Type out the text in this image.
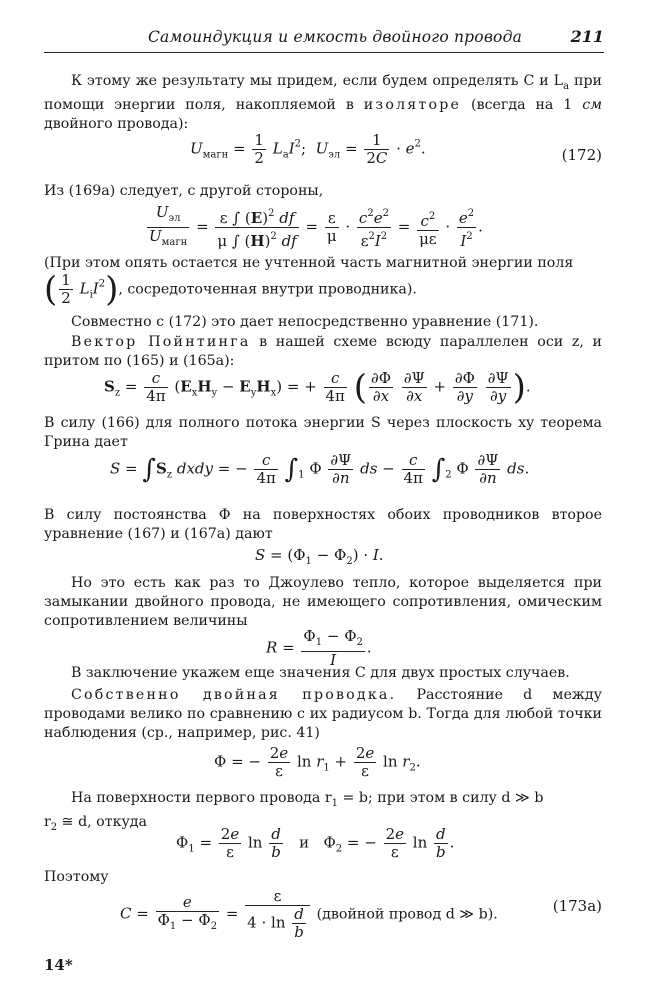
Самоиндукция и емкость двойного провода	211
К этому же результату мы придем, если будем определять C и $L_a$ при помощи энергии поля, накопляемой в изоляторе (всегда на 1 см двойного провода):
$U_{магн} = \frac{1}{2} L_aI^2$;  $U_{эл} = \frac{1}{2C} \cdot e^2$.	(172)
Из (169a) следует, с другой стороны,
$U_{эл}$
$U_{магн}$
= $\frac{\varepsilon \int (E)^2 df}{\mu \int (H)^2 df} = \frac{\varepsilon}{\mu} \cdot \frac{c^2e^2}{\varepsilon^2I^2} = \frac{c^2}{\mu\varepsilon} \cdot \frac{e^2}{I^2}$ .
(При этом опять остается не учтенной часть магнитной энергии поля
( $\frac{1}{2} L_iI^2$), сосредоточенная внутри проводника).
Совместно с (172) это дает непосредственно уравнение (171).
Вектор Пойнтинга в нашей схеме всюду параллелен оси z, и притом по (165) и (165a):
$S_z = \frac{c}{4\pi} (E_xH_y - E_yH_x)$ = + $\frac{c}{4\pi}$ ( $\frac{\partial\Phi}{\partial x}$
$\frac{\partial\Psi}{\partial x} + \frac{\partial\Phi}{\partial y}$
$\frac{\partial\Psi}{\partial y}$ ).
В силу (166) для полного потока энергии S через плоскость xy теорема Грина дает
$S = \int S_z$ dxdy = − $\frac{c}{4\pi} \int_1$ Φ $\frac{\partial\Psi}{\partial n}$ ds − $\frac{c}{4\pi} \int_2$ Φ $\frac{\partial\Psi}{\partial n}$ ds.
В силу постоянства Φ на поверхностях обоих проводников второе уравнение (167) и (167a) дают
$S = (\Phi_1 - \Phi_2) \cdot I$.
Но это есть как раз то Джоулево тепло, которое выделяется при замыкании двойного провода, не имеющего сопротивления, омическим сопротивлением величины
$R = \frac{\Phi_1 - \Phi_2}{I}$ .
В заключение укажем еще значения C для двух простых случаев.
Собственно двойная проводка. Расстояние d между проводами велико по сравнению с их радиусом b. Тогда для любой точки наблюдения (ср., например, рис. 41)
Φ = − $\frac{2e}{\varepsilon}$ $\ln r_1 + \frac{2e}{\varepsilon}$ $\ln r_2$.
На поверхности первого провода $r_1 = b$; при этом в силу d ≫ b
$r_2$ ≅ d, откуда
$\Phi_1 = \frac{2e}{\varepsilon}$ $\ln \frac{d}{b}$ и   $\Phi_2$ = − $\frac{2e}{\varepsilon}$ $\ln \frac{d}{b}$ .
Поэтому
$C = \frac{e}{\Phi_1 - \Phi_2} = \frac{\varepsilon}{4 \cdot \ln \frac{d}{b}}$ (двойной провод d ≫ b).	(173a)
14*
